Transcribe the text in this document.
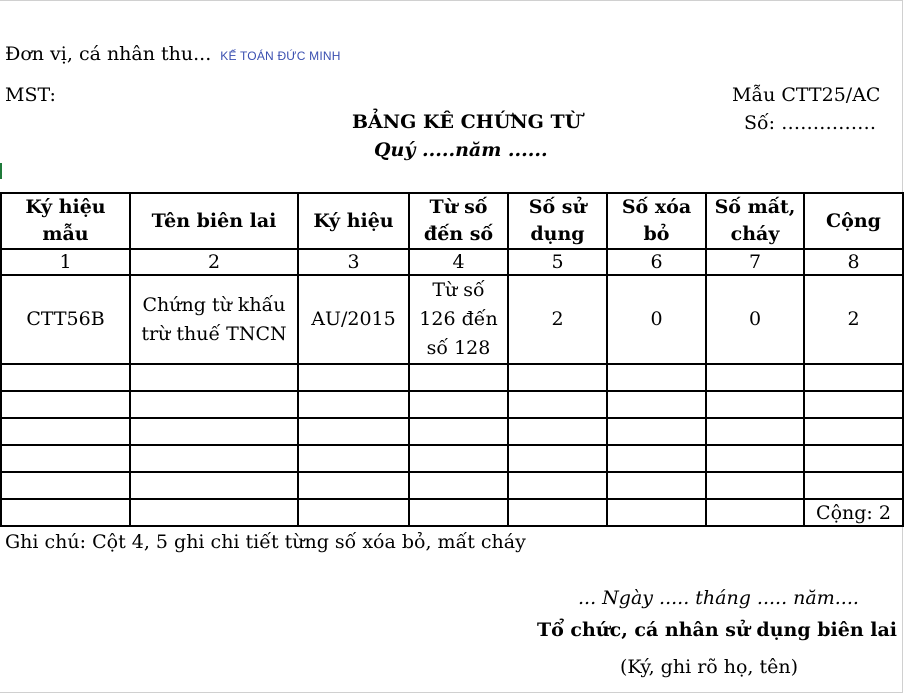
Đơn vị, cá nhân thu... KẾ TOÁN ĐỨC MINH
MST:	Mẫu CTT25/AC
Số: ……………
BẢNG KÊ CHỨNG TỪ
Quý .....năm ......
Ký hiệu mẫu	Tên biên lai	Ký hiệu	Từ số đến số	Số sử dụng	Số xóa bỏ	Số mất, cháy	Cộng
1	2	3	4	5	6	7	8
CTT56B	Chứng từ khấu trừ thuế TNCN	AU/2015	Từ số 126 đến số 128	2	0	0	2

							Cộng: 2
Ghi chú: Cột 4, 5 ghi chi tiết từng số xóa bỏ, mất cháy
... Ngày ..... tháng ..... năm....
Tổ chức, cá nhân sử dụng biên lai
(Ký, ghi rõ họ, tên)
